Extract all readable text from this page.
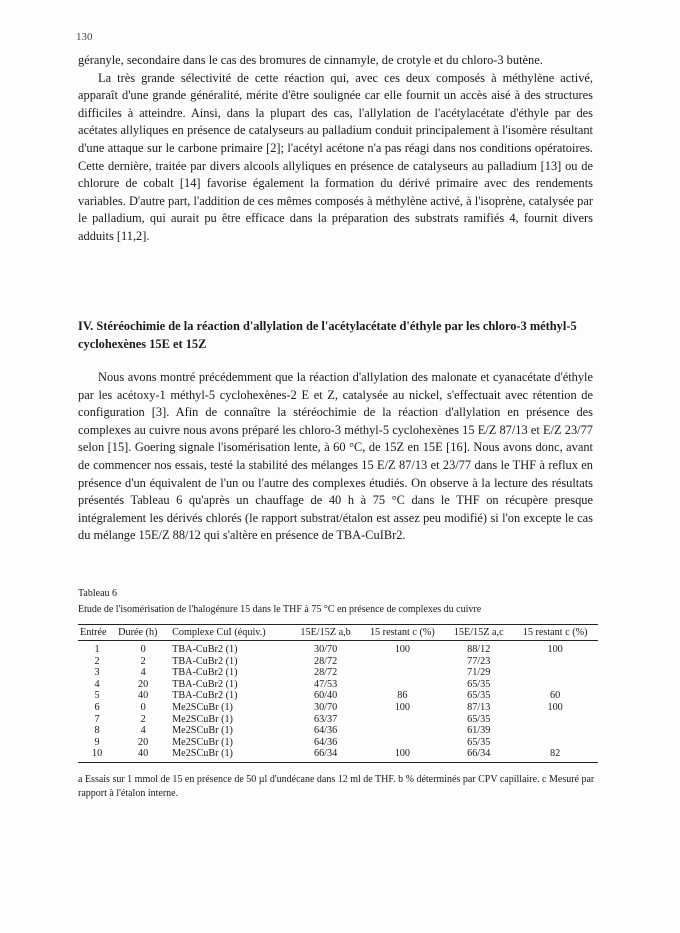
130

géranyle, secondaire dans le cas des bromures de cinnamyle, de crotyle et du chloro-3 butène.

La très grande sélectivité de cette réaction qui, avec ces deux composés à méthylène activé, apparaît d'une grande généralité, mérite d'être soulignée car elle fournit un accès aisé à des structures difficiles à atteindre. Ainsi, dans la plupart des cas, l'allylation de l'acétylacétate d'éthyle par des acétates allyliques en présence de catalyseurs au palladium conduit principalement à l'isomère résultant d'une attaque sur le carbone primaire [2]; l'acétyl acétone n'a pas réagi dans nos conditions opératoires. Cette dernière, traitée par divers alcools allyliques en présence de catalyseurs au palladium [13] ou de chlorure de cobalt [14] favorise également la formation du dérivé primaire avec des rendements variables. D'autre part, l'addition de ces mêmes composés à méthylène activé, à l'isoprène, catalysée par le palladium, qui aurait pu être efficace dans la préparation des substrats ramifiés 4, fournit divers adduits [11,2].

IV. Stéréochimie de la réaction d'allylation de l'acétylacétate d'éthyle par les chloro-3 méthyl-5 cyclohexènes 15E et 15Z

Nous avons montré précédemment que la réaction d'allylation des malonate et cyanacétate d'éthyle par les acétoxy-1 méthyl-5 cyclohexènes-2 E et Z, catalysée au nickel, s'effectuait avec rétention de configuration [3]. Afin de connaître la stéréochimie de la réaction d'allylation en présence des complexes au cuivre nous avons préparé les chloro-3 méthyl-5 cyclohexènes 15 E/Z 87/13 et E/Z 23/77 selon [15]. Goering signale l'isomérisation lente, à 60 °C, de 15Z en 15E [16]. Nous avons donc, avant de commencer nos essais, testé la stabilité des mélanges 15 E/Z 87/13 et 23/77 dans le THF à reflux en présence d'un équivalent de l'un ou l'autre des complexes étudiés. On observe à la lecture des résultats présentés Tableau 6 qu'après un chauffage de 40 h à 75 °C dans le THF on récupère presque intégralement les dérivés chlorés (le rapport substrat/étalon est assez peu modifié) si l'on excepte le cas du mélange 15E/Z 88/12 qui s'altère en présence de TBA-CuIBr2.

Tableau 6
Etude de l'isomérisation de l'halogénure 15 dans le THF à 75 °C en présence de complexes du cuivre
Entrée	Durée (h)	Complexe CuI (équiv.)	15E/15Z a,b	15 restant c (%)	15E/15Z a,c	15 restant c (%)

1	0	TBA-CuBr2 (1)	30/70	100	88/12	100
2	2	TBA-CuBr2 (1)	28/72		77/23	
3	4	TBA-CuBr2 (1)	28/72		71/29	
4	20	TBA-CuBr2 (1)	47/53		65/35	
5	40	TBA-CuBr2 (1)	60/40	86	65/35	60
6	0	Me2SCuBr (1)	30/70	100	87/13	100
7	2	Me2SCuBr (1)	63/37		65/35	
8	4	Me2SCuBr (1)	64/36		61/39	
9	20	Me2SCuBr (1)	64/36		65/35	
10	40	Me2SCuBr (1)	66/34	100	66/34	82
a Essais sur 1 mmol de 15 en présence de 50 µl d'undécane dans 12 ml de THF. b % déterminés par CPV capillaire. c Mesuré par rapport à l'étalon interne.
